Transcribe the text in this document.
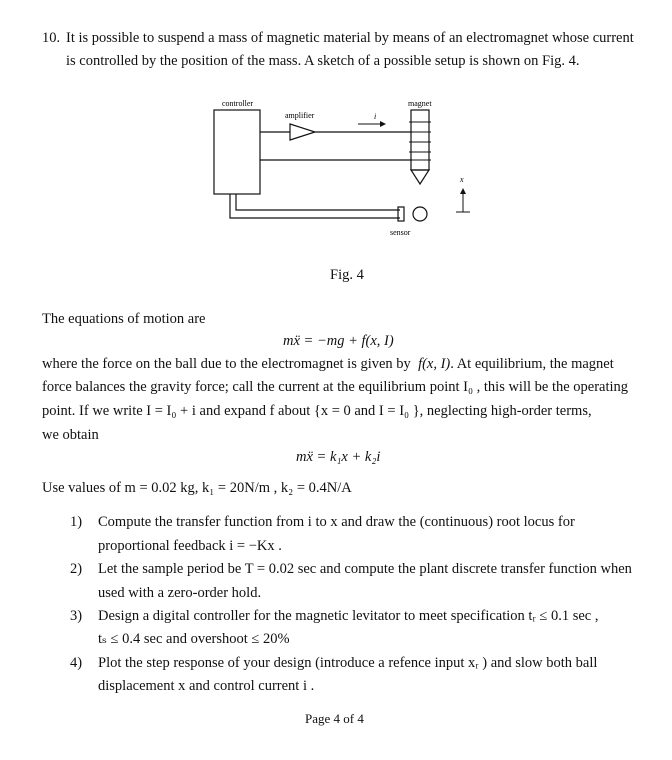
10. It is possible to suspend a mass of magnetic material by means of an electromagnet whose current
is controlled by the position of the mass. A sketch of a possible setup is shown on Fig. 4.
controller
amplifier	i
magnet
sensor
x
Fig. 4
The equations of motion are
mẍ = −mg + f(x, I)
where the force on the ball due to the electromagnet is given by f(x, I). At equilibrium, the magnet
force balances the gravity force; call the current at the equilibrium point I₀ , this will be the operating
point. If we write I = I₀ + i and expand f about {x = 0 and I = I₀ }, neglecting high-order terms,
we obtain
mẍ = k₁x + k₂i
Use values of m = 0.02 kg, k₁ = 20N/m , k₂ = 0.4N/A
1) Compute the transfer function from i to x and draw the (continuous) root locus for
proportional feedback i = −Kx .
2) Let the sample period be T = 0.02 sec and compute the plant discrete transfer function when
used with a zero-order hold.
3) Design a digital controller for the magnetic levitator to meet specification tᵣ ≤ 0.1 sec ,
tₛ ≤ 0.4 sec and overshoot ≤ 20%
4) Plot the step response of your design (introduce a refence input xᵣ ) and slow both ball
displacement x and control current i .
Page 4 of 4
